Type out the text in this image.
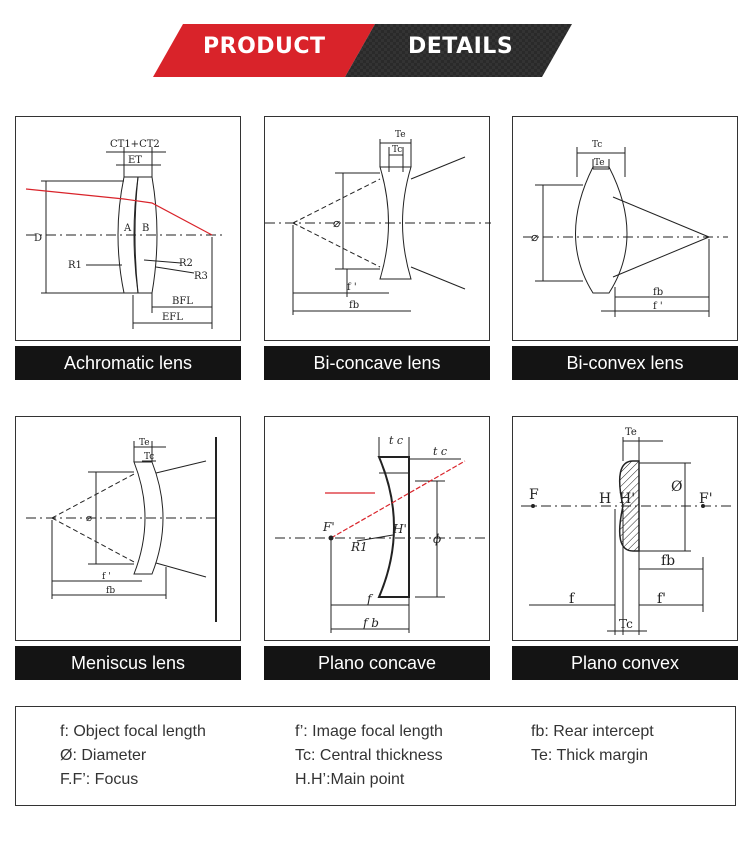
PRODUCT	DETAILS
CT1+CT2
ET
D
A B
R1	R2
R3
BFL
EFL
Achromatic lens
Te
Tc
⌀
f '
fb
Bi-concave lens
Tc
Te
⌀
fb
f '
Bi-convex lens
Te
Tc
⌀
f '
fb
Meniscus lens
t c
t c
F'	H'
R1
ϕ
f
f b
Plano concave
Te
F	H H'	F'
Ø
fb
f	f'
Tc
Plano convex
f: Object focal length	f’: Image focal length	fb: Rear intercept
Ø: Diameter	Tc: Central thickness	Te: Thick margin
F.F’: Focus	H.H’:Main point
